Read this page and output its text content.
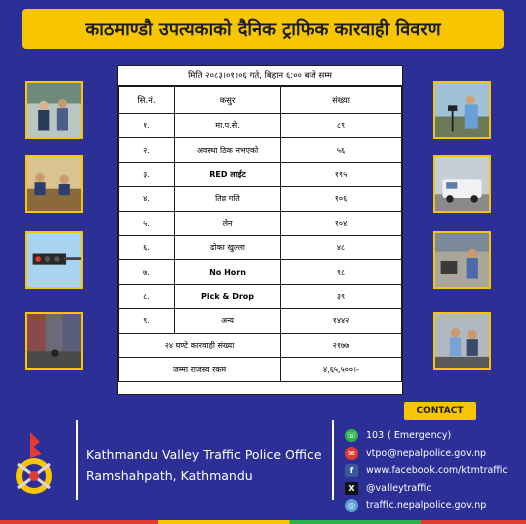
काठमाण्डौ उपत्यकाको दैनिक ट्राफिक कारवाही विवरण
मिति २०८३।०१।०६ गते, बिहान ६:०० बजे सम्म
सि.नं.	कसुर	संख्या
१.	मा.प.से.	८९
२.	अवस्था ठिक नभएको	५६
३.	RED लाईट	१९५
४.	तिव्र गति	१०६
५.	लेन	१०४
६.	ढोका खुल्ला	४८
७.	No Horn	९८
८.	Pick & Drop	३९
९.	अन्य	१४४२
२४ घण्टे कारवाही संख्या		२१७७
जम्मा राजस्व रकम		४,६५,५००।-
Kathmandu Valley Traffic Police Office
Ramshahpath, Kathmandu
CONTACT
☏ 103 ( Emergency)
✉	vtpo@nepalpolice.gov.np
f	www.facebook.com/ktmtraffic
X	@valleytraffic
◎	traffic.nepalpolice.gov.np
